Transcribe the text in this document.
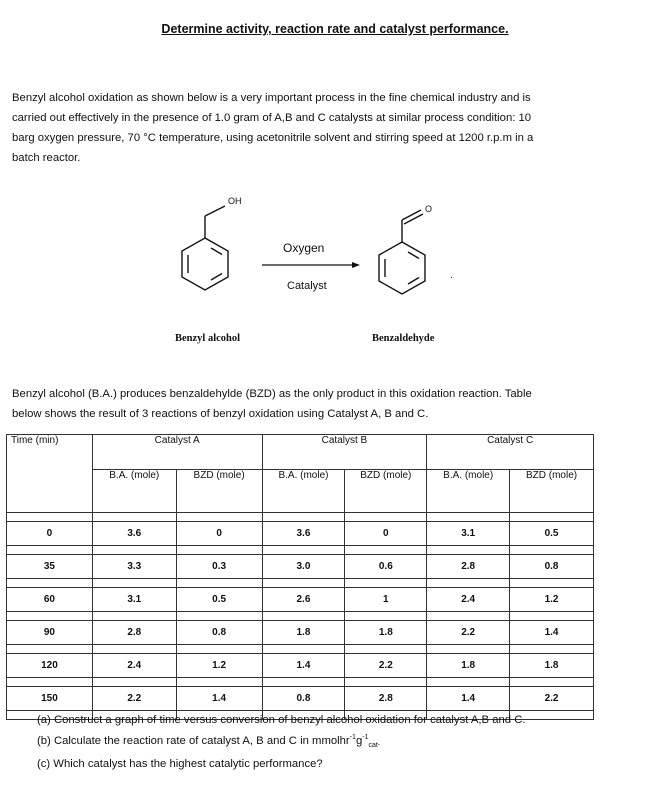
Determine activity, reaction rate and catalyst performance.
Benzyl alcohol oxidation as shown below is a very important process in the fine chemical industry and is
carried out effectively in the presence of 1.0 gram of A,B and C catalysts at similar process condition: 10
barg oxygen pressure, 70 °C temperature, using acetonitrile solvent and stirring speed at 1200 r.p.m in a
batch reactor.
OH
Oxygen
Catalyst
O
.
Benzyl alcohol	Benzaldehyde
Benzyl alcohol (B.A.) produces benzaldehylde (BZD) as the only product in this oxidation reaction. Table
below shows the result of 3 reactions of benzyl oxidation using Catalyst A, B and C.
Time (min)	Catalyst A		Catalyst B		Catalyst C	
	B.A. (mole)	BZD (mole)	B.A. (mole)	BZD (mole)	B.A. (mole)	BZD (mole)

0	3.6	0	3.6	0	3.1	0.5

35	3.3	0.3	3.0	0.6	2.8	0.8

60	3.1	0.5	2.6	1	2.4	1.2

90	2.8	0.8	1.8	1.8	2.2	1.4

120	2.4	1.2	1.4	2.2	1.8	1.8

150	2.2	1.4	0.8	2.8	1.4	2.2

(a) Construct a graph of time versus conversion of benzyl alcohol oxidation for catalyst A,B and C.
(b) Calculate the reaction rate of catalyst A, B and C in $mmolhr^{-1}g^{-1}_{cat-}$
(c) Which catalyst has the highest catalytic performance?
